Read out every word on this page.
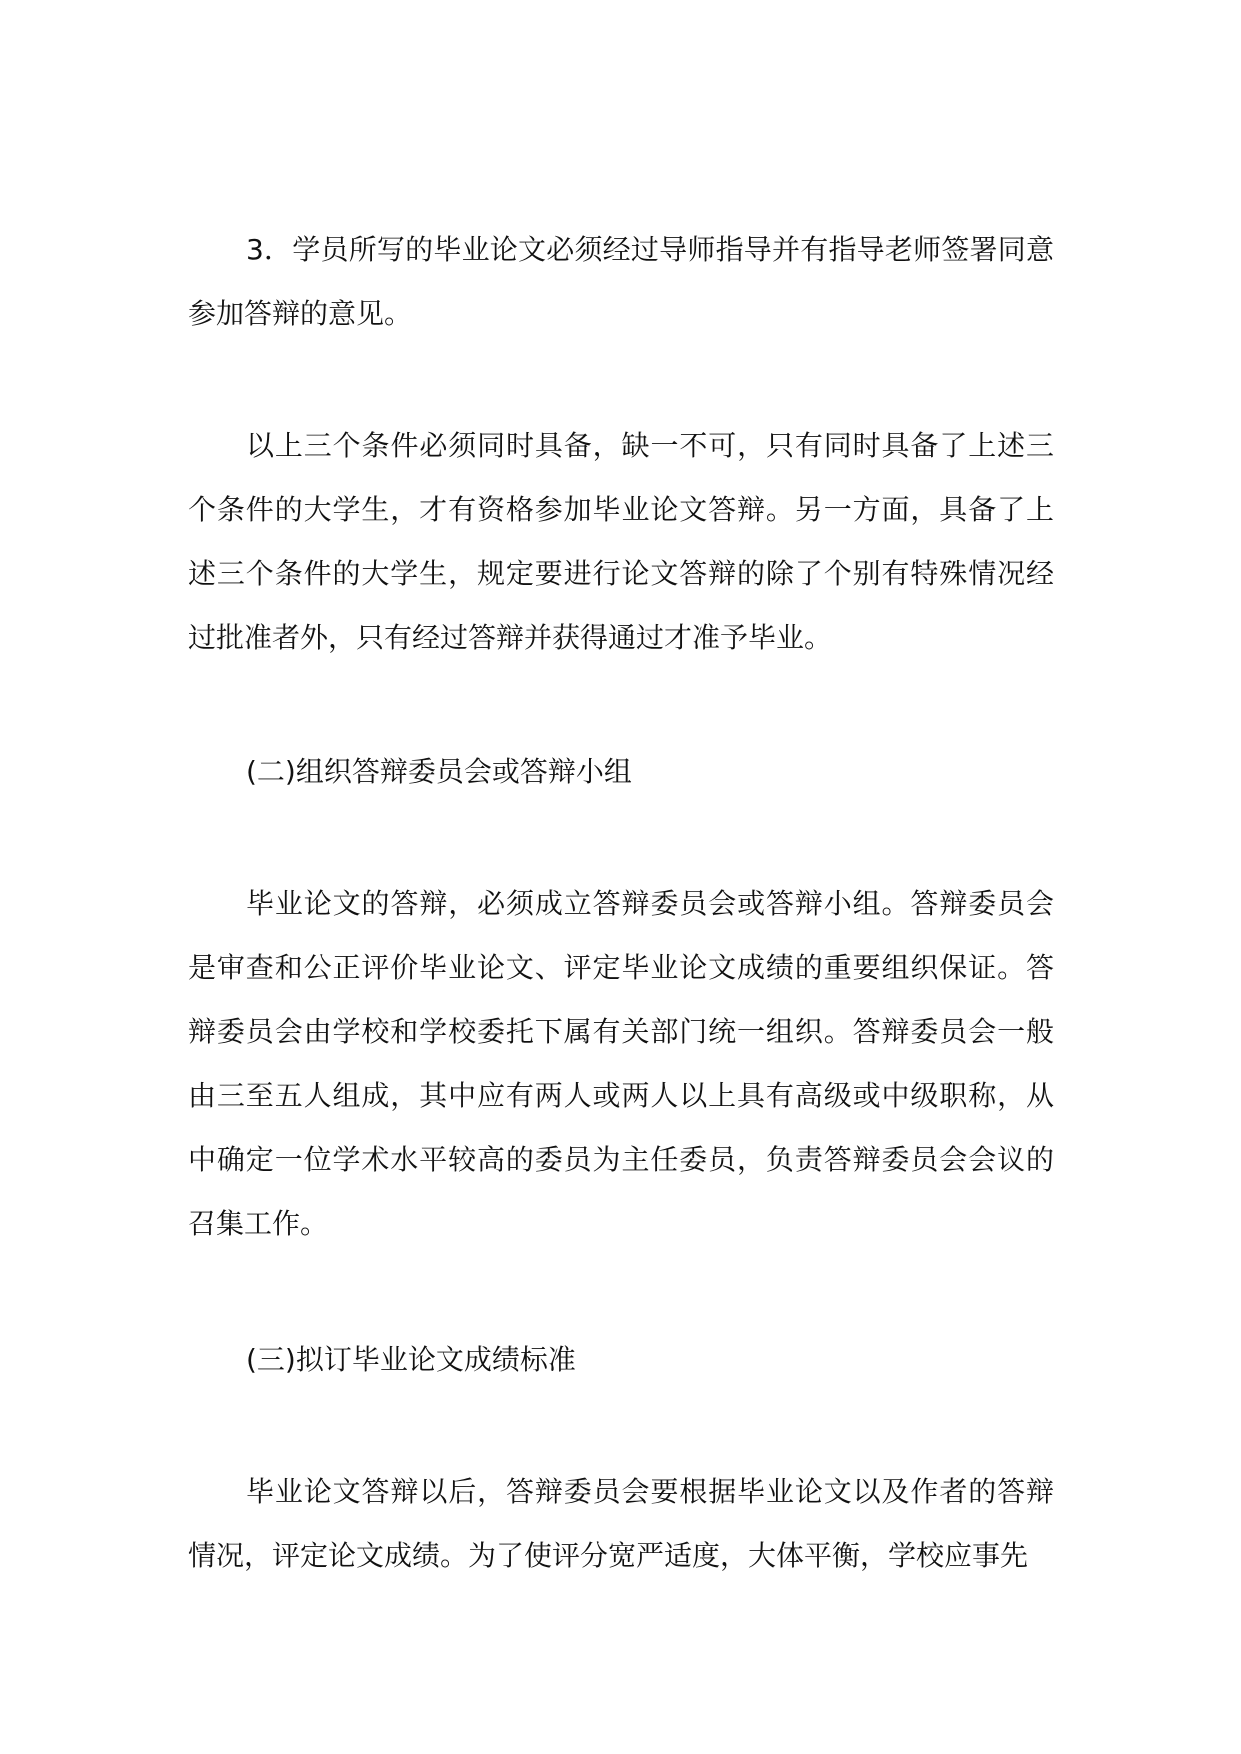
3．学员所写的毕业论文必须经过导师指导并有指导老师签署同意参加答辩的意见。

以上三个条件必须同时具备，缺一不可，只有同时具备了上述三个条件的大学生，才有资格参加毕业论文答辩。另一方面，具备了上述三个条件的大学生，规定要进行论文答辩的除了个别有特殊情况经过批准者外，只有经过答辩并获得通过才准予毕业。

(二)组织答辩委员会或答辩小组

毕业论文的答辩，必须成立答辩委员会或答辩小组。答辩委员会是审查和公正评价毕业论文、评定毕业论文成绩的重要组织保证。答辩委员会由学校和学校委托下属有关部门统一组织。答辩委员会一般由三至五人组成，其中应有两人或两人以上具有高级或中级职称，从中确定一位学术水平较高的委员为主任委员，负责答辩委员会会议的召集工作。

(三)拟订毕业论文成绩标准

毕业论文答辩以后，答辩委员会要根据毕业论文以及作者的答辩情况，评定论文成绩。为了使评分宽严适度，大体平衡，学校应事先
